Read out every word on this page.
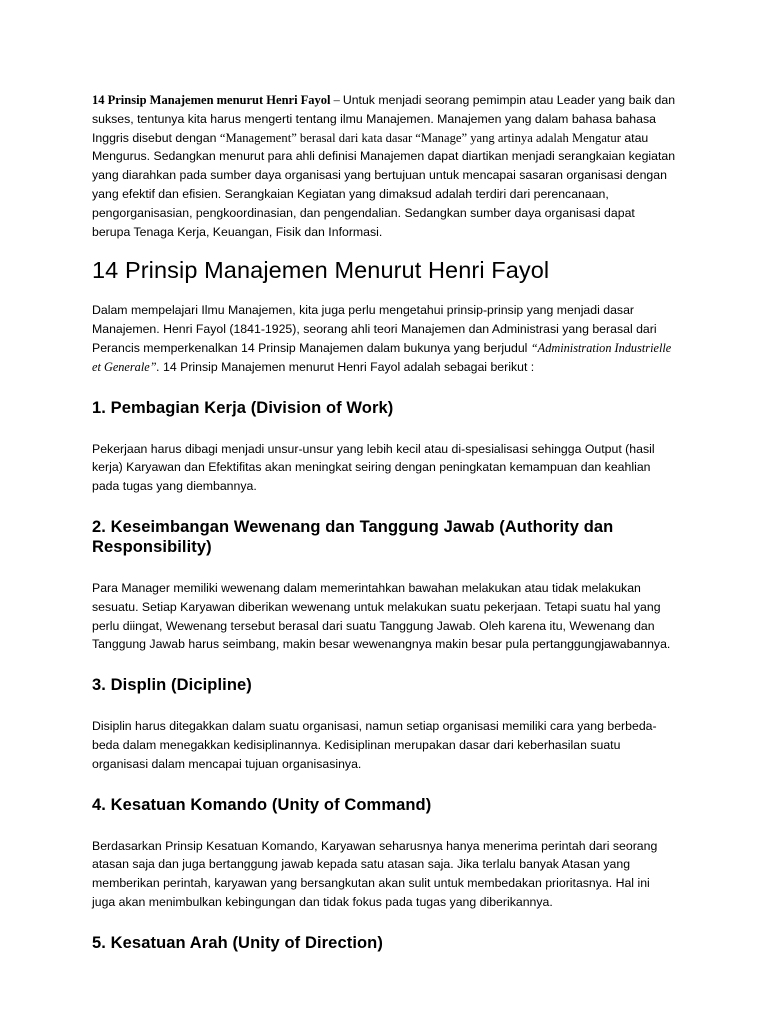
14 Prinsip Manajemen menurut Henri Fayol – Untuk menjadi seorang pemimpin atau Leader yang baik dan sukses, tentunya kita harus mengerti tentang ilmu Manajemen. Manajemen yang dalam bahasa bahasa Inggris disebut dengan “Management” berasal dari kata dasar “Manage” yang artinya adalah Mengatur atau Mengurus. Sedangkan menurut para ahli definisi Manajemen dapat diartikan menjadi serangkaian kegiatan yang diarahkan pada sumber daya organisasi yang bertujuan untuk mencapai sasaran organisasi dengan yang efektif dan efisien. Serangkaian Kegiatan yang dimaksud adalah terdiri dari perencanaan, pengorganisasian, pengkoordinasian, dan pengendalian. Sedangkan sumber daya organisasi dapat berupa Tenaga Kerja, Keuangan, Fisik dan Informasi.

14 Prinsip Manajemen Menurut Henri Fayol

Dalam mempelajari Ilmu Manajemen, kita juga perlu mengetahui prinsip-prinsip yang menjadi dasar Manajemen. Henri Fayol (1841-1925), seorang ahli teori Manajemen dan Administrasi yang berasal dari Perancis memperkenalkan 14 Prinsip Manajemen dalam bukunya yang berjudul “Administration Industrielle et Generale”. 14 Prinsip Manajemen menurut Henri Fayol adalah sebagai berikut :

1. Pembagian Kerja (Division of Work)

Pekerjaan harus dibagi menjadi unsur-unsur yang lebih kecil atau di-spesialisasi sehingga Output (hasil kerja) Karyawan dan Efektifitas akan meningkat seiring dengan peningkatan kemampuan dan keahlian pada tugas yang diembannya.

2. Keseimbangan Wewenang dan Tanggung Jawab (Authority dan Responsibility)

Para Manager memiliki wewenang dalam memerintahkan bawahan melakukan atau tidak melakukan sesuatu. Setiap Karyawan diberikan wewenang untuk melakukan suatu pekerjaan. Tetapi suatu hal yang perlu diingat, Wewenang tersebut berasal dari suatu Tanggung Jawab. Oleh karena itu, Wewenang dan Tanggung Jawab harus seimbang, makin besar wewenangnya makin besar pula pertanggungjawabannya.

3. Displin (Dicipline)

Disiplin harus ditegakkan dalam suatu organisasi, namun setiap organisasi memiliki cara yang berbeda-beda dalam menegakkan kedisiplinannya. Kedisiplinan merupakan dasar dari keberhasilan suatu organisasi dalam mencapai tujuan organisasinya.

4. Kesatuan Komando (Unity of Command)

Berdasarkan Prinsip Kesatuan Komando, Karyawan seharusnya hanya menerima perintah dari seorang atasan saja dan juga bertanggung jawab kepada satu atasan saja. Jika terlalu banyak Atasan yang memberikan perintah, karyawan yang bersangkutan akan sulit untuk membedakan prioritasnya. Hal ini juga akan menimbulkan kebingungan dan tidak fokus pada tugas yang diberikannya.

5. Kesatuan Arah (Unity of Direction)
